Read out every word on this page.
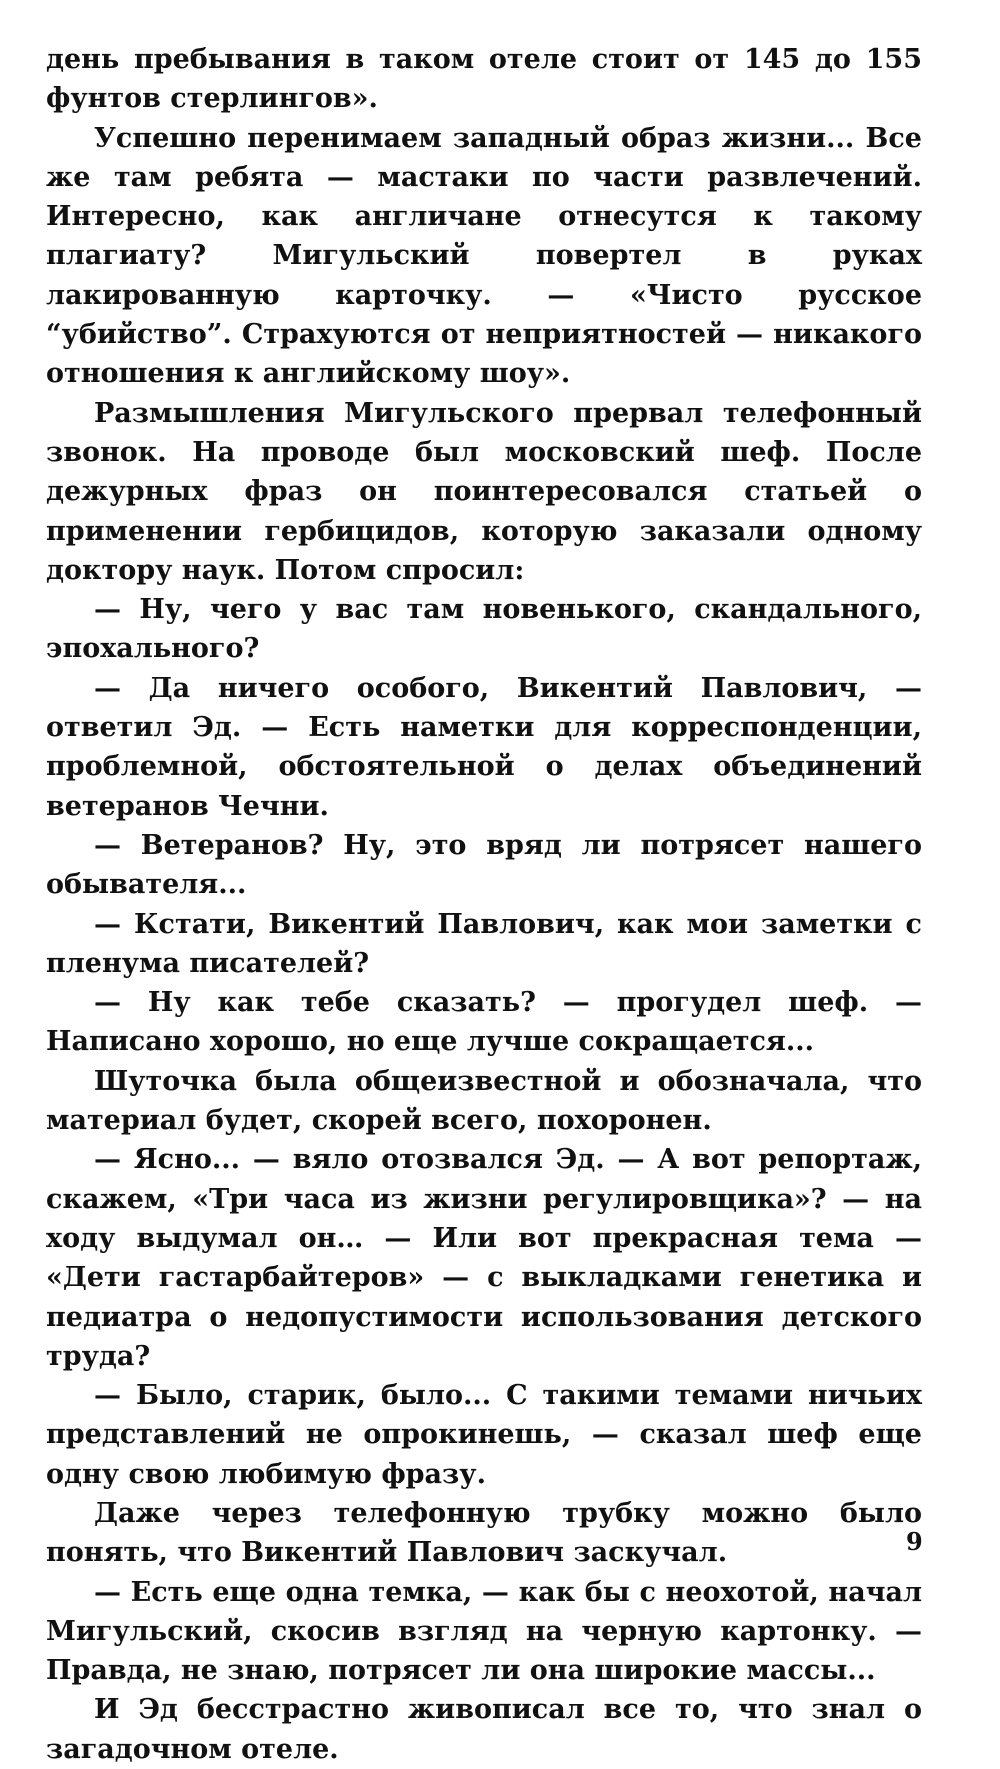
день пребывания в таком отеле стоит от 145 до 155 фунтов стерлингов».

Успешно перенимаем западный образ жизни... Все же там ребята — мастаки по части развлечений. Интересно, как англичане отнесутся к такому плагиату? Мигульский повертел в руках лакированную карточку. — «Чисто русское “убийство”. Страхуются от неприятностей — никакого отношения к английскому шоу».

Размышления Мигульского прервал телефонный звонок. На проводе был московский шеф. После дежурных фраз он поинтересовался статьей о применении гербицидов, которую заказали одному доктору наук. Потом спросил:

— Ну, чего у вас там новенького, скандального, эпохального?

— Да ничего особого, Викентий Павлович, — ответил Эд. — Есть наметки для корреспонденции, проблемной, обстоятельной о делах объединений ветеранов Чечни.

— Ветеранов? Ну, это вряд ли потрясет нашего обывателя...

— Кстати, Викентий Павлович, как мои заметки с пленума писателей?

— Ну как тебе сказать? — прогудел шеф. — Написано хорошо, но еще лучше сокращается...

Шуточка была общеизвестной и обозначала, что материал будет, скорей всего, похоронен.

— Ясно... — вяло отозвался Эд. — А вот репортаж, скажем, «Три часа из жизни регулировщика»? — на ходу выдумал он… — Или вот прекрасная тема — «Дети гастарбайтеров» — с выкладками генетика и педиатра о недопустимости использования детского труда?

— Было, старик, было... С такими темами ничьих представлений не опрокинешь, — сказал шеф еще одну свою любимую фразу.

Даже через телефонную трубку можно было понять, что Викентий Павлович заскучал.

— Есть еще одна темка, — как бы с неохотой, начал Мигульский, скосив взгляд на черную картонку. — Правда, не знаю, потрясет ли она широкие массы...

И Эд бесстрастно живописал все то, что знал о загадочном отеле.

9
